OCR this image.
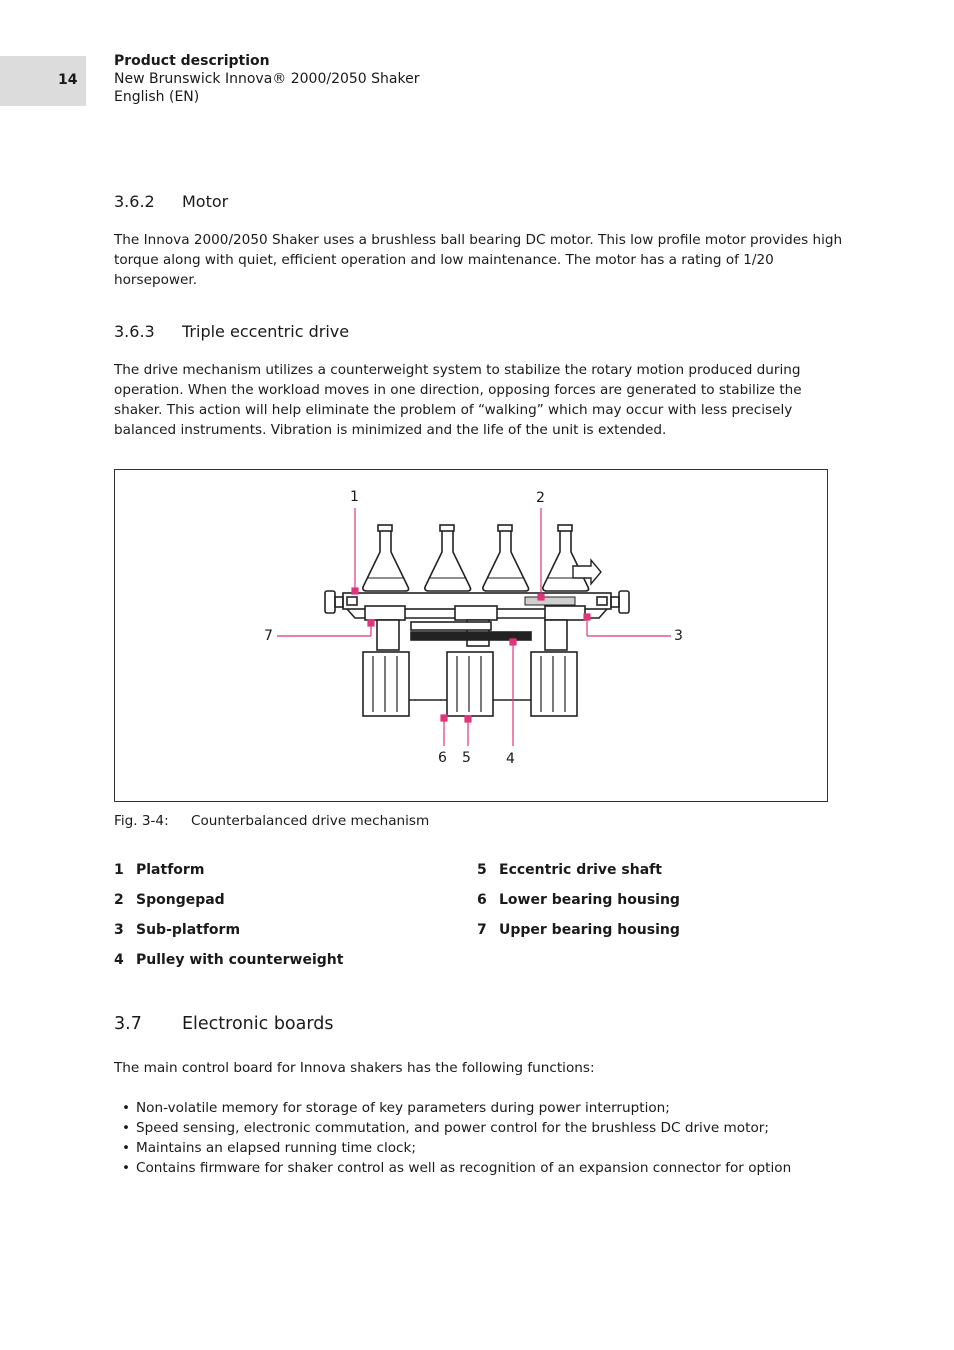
14
Product description
New Brunswick Innova® 2000/2050 Shaker
English (EN)
3.6.2 Motor
The Innova 2000/2050 Shaker uses a brushless ball bearing DC motor. This low profile motor provides high torque along with quiet, efficient operation and low maintenance. The motor has a rating of 1/20 horsepower.
3.6.3 Triple eccentric drive
The drive mechanism utilizes a counterweight system to stabilize the rotary motion produced during operation. When the workload moves in one direction, opposing forces are generated to stabilize the shaker. This action will help eliminate the problem of “walking” which may occur with less precisely balanced instruments. Vibration is minimized and the life of the unit is extended.
1	2
3
4
5
6
7
Fig. 3-4: Counterbalanced drive mechanism
1 Platform
2 Spongepad
3 Sub-platform
4 Pulley with counterweight
5 Eccentric drive shaft
6 Lower bearing housing
7 Upper bearing housing
3.7 Electronic boards
The main control board for Innova shakers has the following functions:
• Non-volatile memory for storage of key parameters during power interruption;
• Speed sensing, electronic commutation, and power control for the brushless DC drive motor;
• Maintains an elapsed running time clock;
• Contains firmware for shaker control as well as recognition of an expansion connector for option
